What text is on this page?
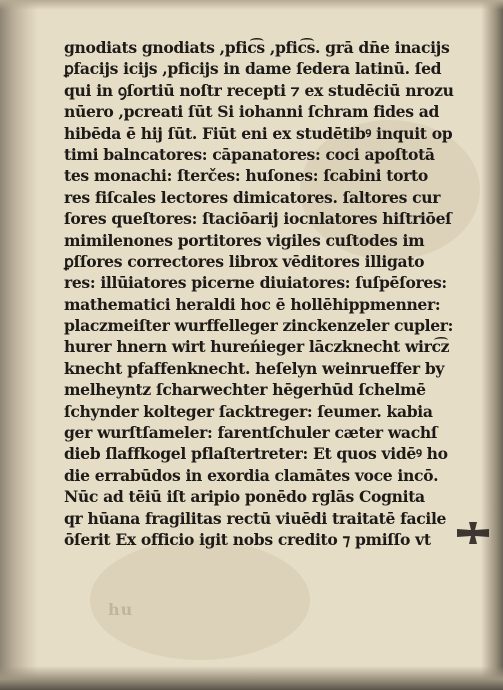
gnodiats gnodiats ,pfic͡s ,pfic͡s. grā dn̄e inacijs
ꝑfacijs icijs ,pficijs in dame ſedera latinū. ſed
qui in ꝯſortiū noſtr recepti ⁊ ex studēciū nrozu
nūero ,pcreati ſūt Si iohanni ſchram fides ad
hibēda ē hij ſūt. Fiūt eni ex studētibꝰ inquit op
timi balncatores: cāpanatores: coci apoſtotā
tes monachi: ſterčes: huſones: ſcabini torto
res fiſcales lectores dimicatores. ſaltores cur
ſores queſtores: ſtaciōarij iocnlatores hiſtriōeſ
mimilenones portitores vigiles cuſtodes im
ꝑſſores correctores librox vēditores illigato
res: illūiatores picerne diuiatores: ſuſpēſores:
mathematici heraldi hoc ē hollēhippmenner:
placzmeiſter wurffelleger zinckenzeler cupler:
hurer hnern wirt hureńieger lāczknecht wirc͡z
knecht pfaffenknecht. heſelyn weinrueffer by
melheyntz ſcharwechter hēgerhūd ſchelmē
ſchynder kolteger ſacktreger: ſeumer. kabia
ger wurſtſameler: farentſchuler cæter wachſ
dieb ſlaffkogel pflaſtertreter: Et quos vidēꝰ ho
die errabūdos in exordia clamātes voce incō.
Nūc ad tēiū iſt aripio ponēdo rglās Cognita
qr hūana fragilitas rectū viuēdi traitatē facile
ōſerit Ex officio igit nobs credito ⁊ pmiſſo vt
hu
